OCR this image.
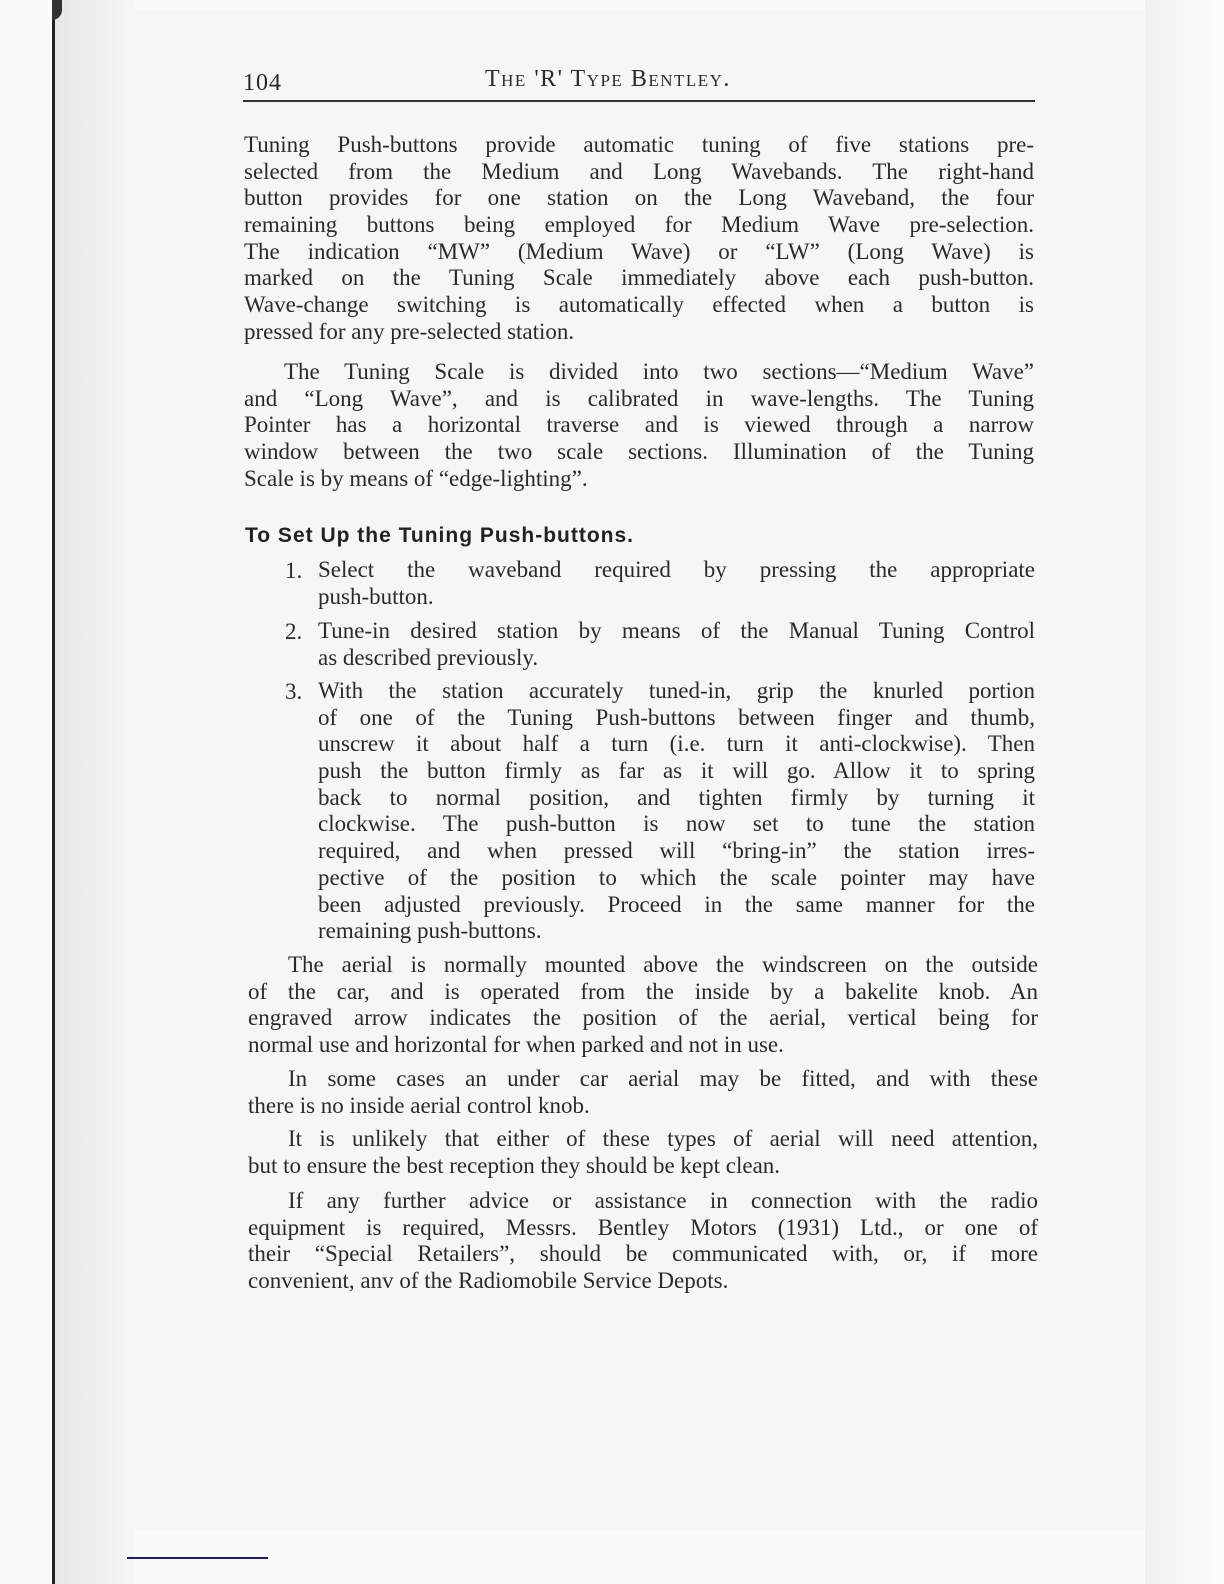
104	The 'R' Type Bentley.
To Set Up the Tuning Push-buttons.
Tuning Push-buttons provide automatic tuning of five stations pre-
selected from the Medium and Long Wavebands. The right-hand
button provides for one station on the Long Waveband, the four
remaining buttons being employed for Medium Wave pre-selection.
The indication “MW” (Medium Wave) or “LW” (Long Wave) is
marked on the Tuning Scale immediately above each push-button.
Wave-change switching is automatically effected when a button is
pressed for any pre-selected station.
The Tuning Scale is divided into two sections—“Medium Wave”
and “Long Wave”, and is calibrated in wave-lengths. The Tuning
Pointer has a horizontal traverse and is viewed through a narrow
window between the two scale sections. Illumination of the Tuning
Scale is by means of “edge-lighting”.
1. Select the waveband required by pressing the appropriate
push-button.
2. Tune-in desired station by means of the Manual Tuning Control
as described previously.
3. With the station accurately tuned-in, grip the knurled portion
of one of the Tuning Push-buttons between finger and thumb,
unscrew it about half a turn (i.e. turn it anti-clockwise). Then
push the button firmly as far as it will go. Allow it to spring
back to normal position, and tighten firmly by turning it
clockwise. The push-button is now set to tune the station
required, and when pressed will “bring-in” the station irres-
pective of the position to which the scale pointer may have
been adjusted previously. Proceed in the same manner for the
remaining push-buttons.
The aerial is normally mounted above the windscreen on the outside
of the car, and is operated from the inside by a bakelite knob. An
engraved arrow indicates the position of the aerial, vertical being for
normal use and horizontal for when parked and not in use.
In some cases an under car aerial may be fitted, and with these
there is no inside aerial control knob.
It is unlikely that either of these types of aerial will need attention,
but to ensure the best reception they should be kept clean.
If any further advice or assistance in connection with the radio
equipment is required, Messrs. Bentley Motors (1931) Ltd., or one of
their “Special Retailers”, should be communicated with, or, if more
convenient, anv of the Radiomobile Service Depots.
